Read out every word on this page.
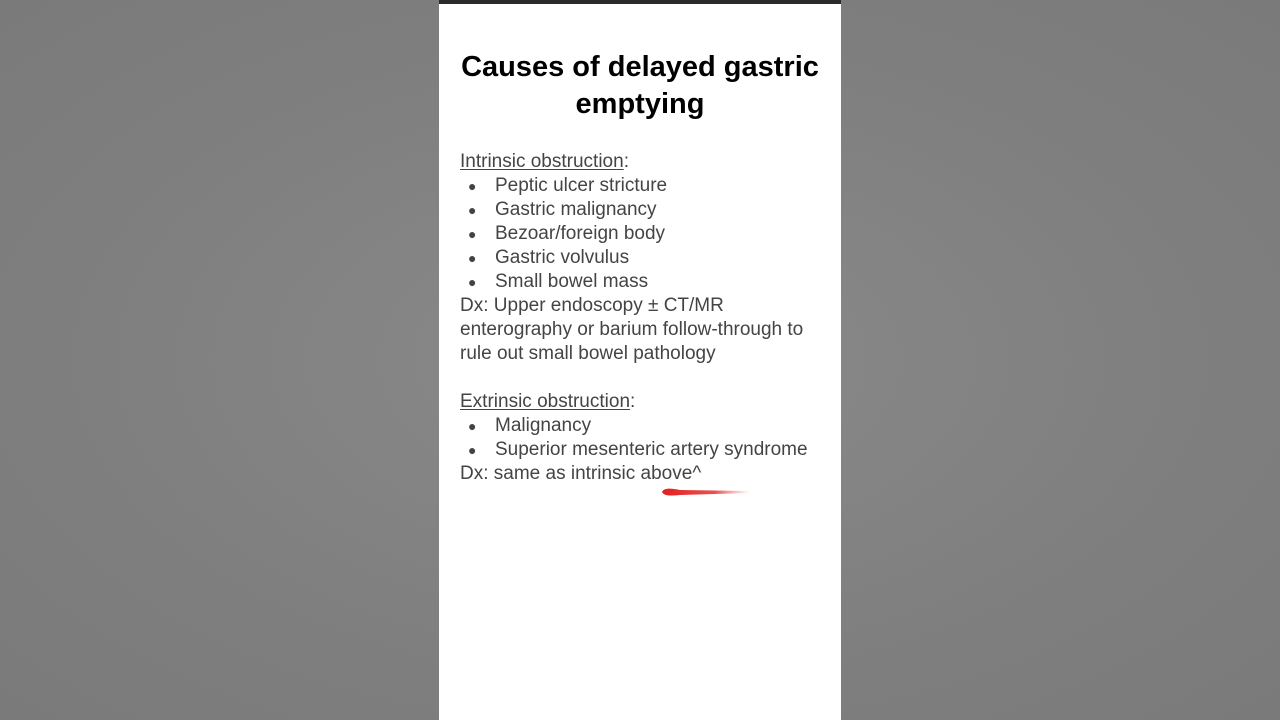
Causes of delayed gastric emptying

Intrinsic obstruction:

● Peptic ulcer stricture
● Gastric malignancy
● Bezoar/foreign body
● Gastric volvulus
● Small bowel mass

Dx: Upper endoscopy ± CT/MR enterography or barium follow-through to rule out small bowel pathology

Extrinsic obstruction:

● Malignancy
● Superior mesenteric artery syndrome

Dx: same as intrinsic above^
